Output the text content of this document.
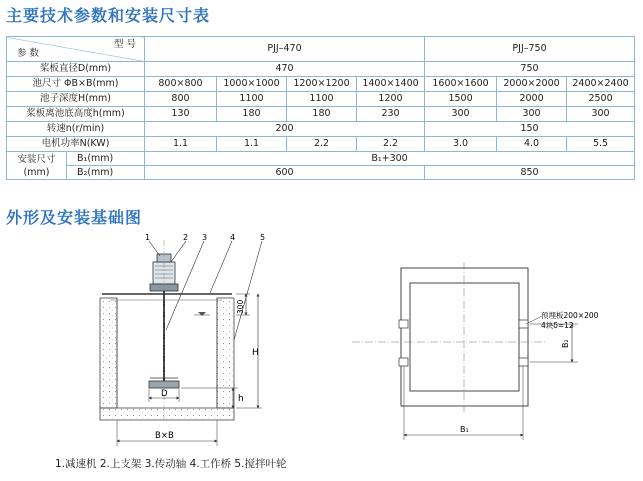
主要技术参数和安装尺寸表
型 号
参 数		PJJ–470				PJJ–750		
桨板直径D(mm)		470				750		
池尺寸 ΦB×B(mm)		800×800	1000×1000	1200×1200	1400×1400	1600×1600	2000×2000	2400×2400
池子深度H(mm)		800	1100	1100	1200	1500	2000	2500
桨板离池底高度h(mm)		130	180	180	230	300	300	300
转速n(r/min)		200				150		
电机功率N(KW)		1.1	1.1	2.2	2.2	3.0	4.0	5.5
安装尺寸
(mm)	B₁(mm)	B₁+300						
	B₂(mm)	600				850		
外形及安装基础图
1	2 3	4	5
300
H
h
D
B×B
预埋板200×200
4块δ=12
B₂
B₁
1.减速机 2.上支架 3.传动轴 4.工作桥 5.搅拌叶轮
